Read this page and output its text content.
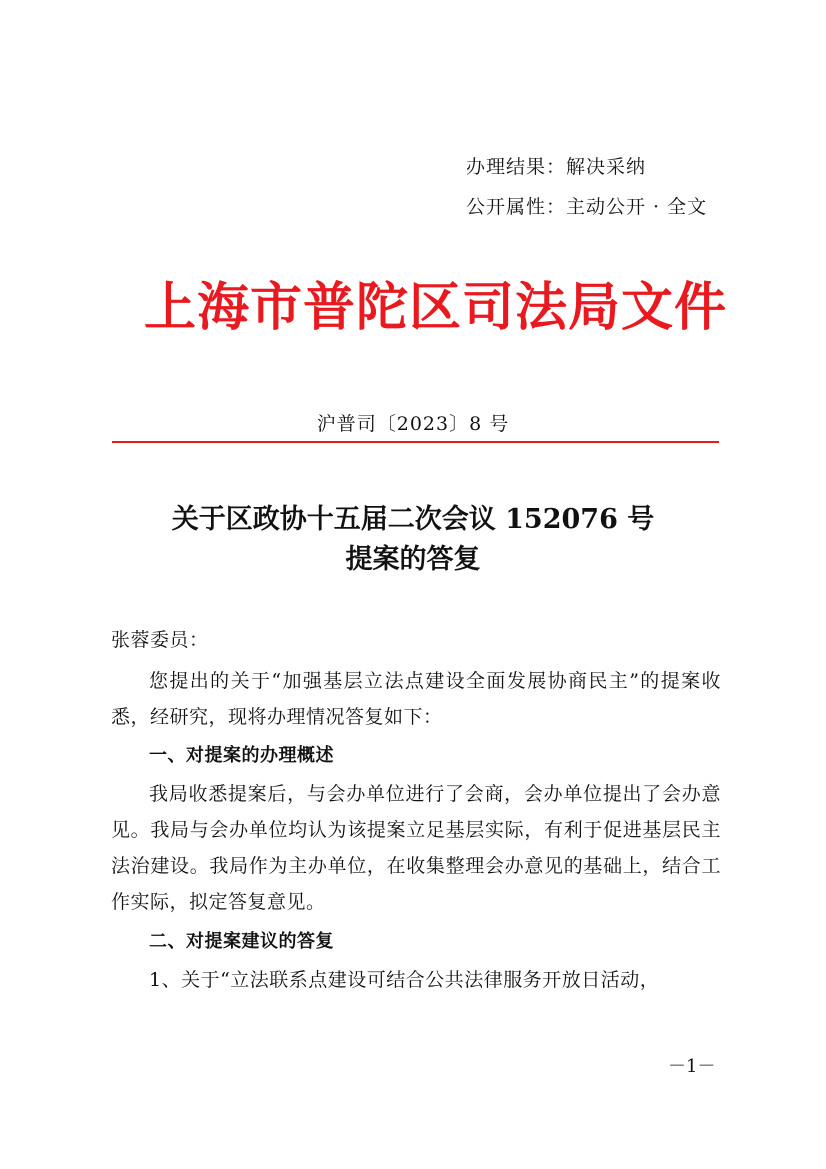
办理结果：解决采纳
公开属性：主动公开 · 全文
上海市普陀区司法局文件
沪普司〔2023〕8 号
关于区政协十五届二次会议 152076 号
提案的答复
张蓉委员：
您提出的关于“加强基层立法点建设全面发展协商民主”的提案收悉，经研究，现将办理情况答复如下：
一、对提案的办理概述
我局收悉提案后，与会办单位进行了会商，会办单位提出了会办意见。我局与会办单位均认为该提案立足基层实际，有利于促进基层民主法治建设。我局作为主办单位，在收集整理会办意见的基础上，结合工作实际，拟定答复意见。
二、对提案建议的答复
1、关于“立法联系点建设可结合公共法律服务开放日活动，
－1－
